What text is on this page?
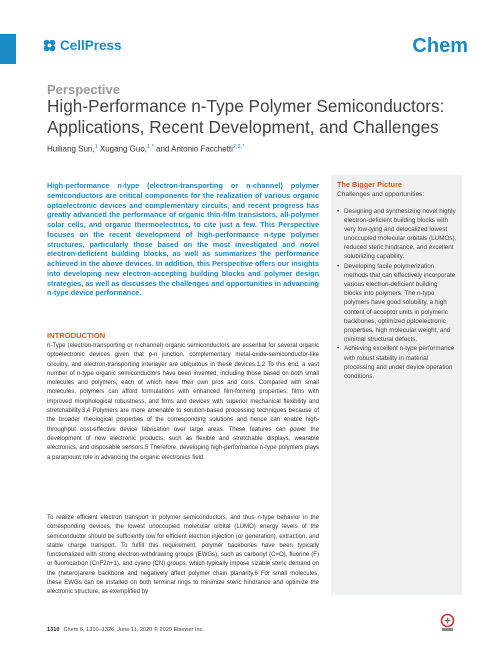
CellPress	Chem
Perspective
High-Performance n-Type Polymer Semiconductors: Applications, Recent Development, and Challenges
Huiliang Sun,$^1$ Xugang Guo,$^{1,*}$ and Antonio Facchetti$^{2,3,*}$

High-performance n-type (electron-transporting or n-channel) polymer semiconductors are critical components for the realization of various organic optoelectronic devices and complementary circuits, and recent progress has greatly advanced the performance of organic thin-film transistors, all-polymer solar cells, and organic thermoelectrics, to cite just a few. This Perspective focuses on the recent development of high-performance n-type polymer structures, particularly those based on the most investigated and novel electron-deficient building blocks, as well as summarizes the performance achieved in the above devices. In addition, this Perspective offers our insights into developing new electron-accepting building blocks and polymer design strategies, as well as discusses the challenges and opportunities in advancing n-type device performance.

INTRODUCTION

n-Type (electron-transporting or n-channel) organic semiconductors are essential for several organic optoelectronic devices given that p-n junction, complementary metal-oxide-semiconductor-like circuitry, and electron-transporting interlayer are ubiquitous in these devices.1,2 To this end, a vast number of n-type organic semiconductors have been invented, including those based on both small molecules and polymers, each of which have their own pros and cons. Compared with small molecules, polymers can afford formulations with enhanced film-forming properties, films with improved morphological robustness, and films and devices with superior mechanical flexibility and stretchability.3,4 Polymers are more amenable to solution-based processing techniques because of the broader rheological properties of the corresponding solutions and hence can enable high-throughput cost-effective device fabrication over large areas. These features can power the development of new electronic products, such as flexible and stretchable displays, wearable electronics, and disposable sensors.5 Therefore, developing high-performance n-type polymers plays a paramount role in advancing the organic electronics field.

To realize efficient electron transport in polymer semiconductors, and thus n-type behavior in the corresponding devices, the lowest unoccupied molecular orbital (LUMO) energy levels of the semiconductor should be sufficiently low for efficient electron injection (or generation), extraction, and stable charge transport. To fulfill this requirement, polymer backbones have been typically functionalized with strong electron-withdrawing groups (EWGs), such as carbonyl (C=O), fluorine (F) or fluorocarbon (CnF2n+1), and cyano (CN) groups, which typically impose sizable steric demand on the (hetero)arene backbone and negatively affect polymer chain planarity.6 For small molecules, these EWGs can be installed on both terminal rings to minimize steric hindrance and optimize the electronic structure, as exemplified by

The Bigger Picture
Challenges and opportunities:
• Designing and synthesizing novel highly electron-deficient building blocks with very low-lying and delocalized lowest unoccupied molecular orbitals (LUMOs), reduced steric hindrance, and excellent solubilizing capability.
• Developing facile polymerization methods that can effectively incorporate various electron-deficient building blocks into polymers. The n-type polymers have good solubility, a high content of acceptor units in polymeric backbones, optimized optoelectronic properties, high molecular weight, and minimal structural defects.
• Achieving excellent n-type performance with robust stability in material processing and under device operation conditions.
1310 Chem 6, 1310–1326, June 11, 2020 © 2020 Elsevier Inc.
